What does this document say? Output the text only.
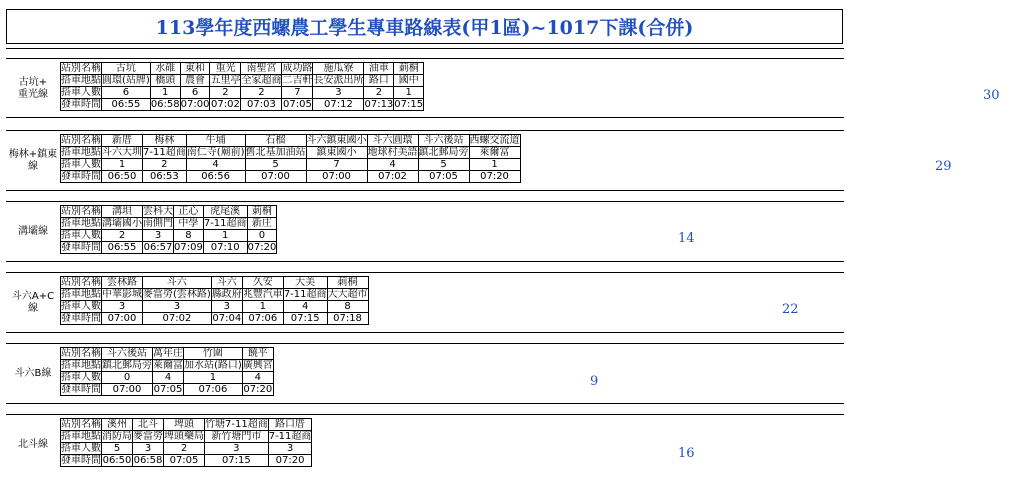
113學年度西螺農工學生專車路線表(甲1區)~1017下課(合併)
古坑+
重光線
站別名稱	古坑	水碓	東和	重光	南聖宮	成功路	施瓜寮	油車	莿桐
搭車地點	圓環(站牌)	橋頭	農會	五里亭	全家超商	二吉軒	長安派出所	路口	國中
搭車人數	6	1	6	2	2	7	3	2	1
發車時間	06:55	06:58	07:00	07:02	07:03	07:05	07:12	07:13	07:15
30
梅林+鎮東
線
站別名稱	新厝	梅林	牛埔	石榴	斗六鎮東國小	斗六圓環	斗六後站	西螺交流道
搭車地點	斗六大圳	7-11超商	南仁寺(廟前)	舊北基加油站	鎮東國小	地球村美語	鎮北郵局旁	萊爾富
搭車人數	1	2	4	5	7	4	5	1
發車時間	06:50	06:53	06:56	07:00	07:00	07:02	07:05	07:20
29
溝壩線
站別名稱	溝垻	雲科大	正心	虎尾溪	莿桐
搭車地點	溝壩國小	南側門	中學	7-11超商	新庄
搭車人數	2	3	8	1	0
發車時間	06:55	06:57	07:09	07:10	07:20
14
斗六A+C
線
站別名稱	雲林路	斗六	斗六	久安	大美	莿桐
搭車地點	中華影城	麥當勞(雲林路)	縣政府	兆豐汽車	7-11超商	大大超市
搭車人數	3	3	3	1	4	8
發車時間	07:00	07:02	07:04	07:06	07:15	07:18
22
斗六B線
站別名稱	斗六後站	萬年庄	竹圍	饒平
搭車地點	鎮北郵局旁	萊爾富	加水站(路口)	廣興宮
搭車人數	0	4	1	4
發車時間	07:00	07:05	07:06	07:20
9
北斗線
站別名稱	溪州	北斗	埤頭	竹塘7-11超商	路口厝
搭車地點	消防局	麥當勞	埤頭藥局	新竹塘門市	7-11超商
搭車人數	5	3	2	3	3
發車時間	06:50	06:58	07:05	07:15	07:20	16
